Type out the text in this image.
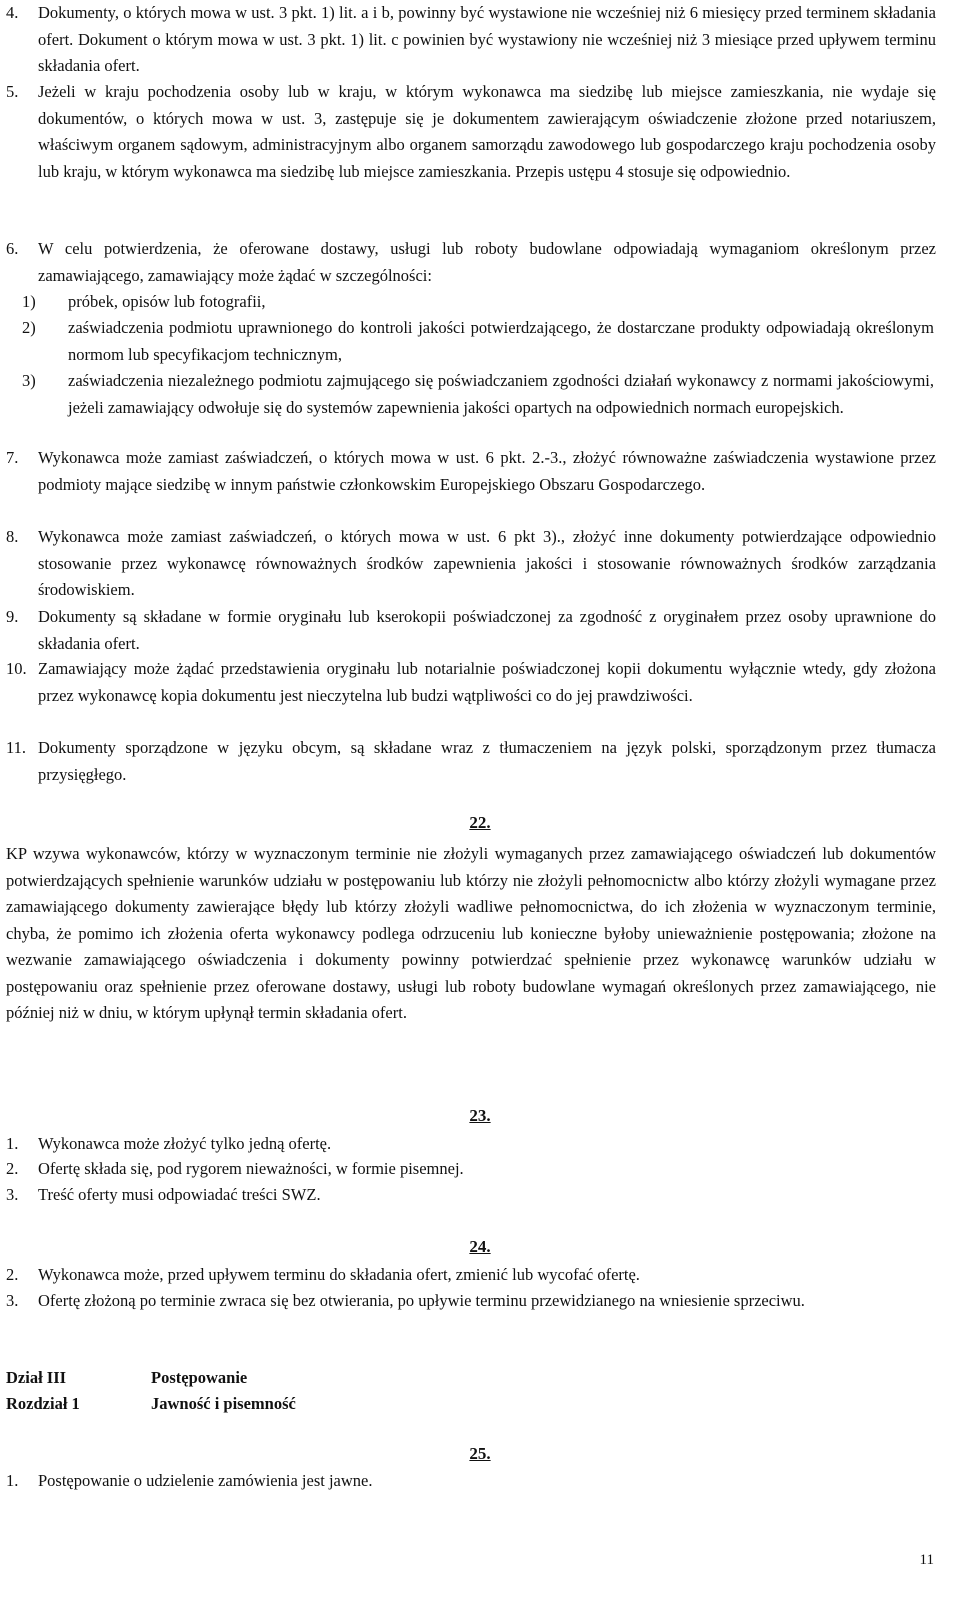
4. Dokumenty, o których mowa w ust. 3 pkt. 1) lit. a i b, powinny być wystawione nie wcześniej niż 6 miesięcy przed terminem składania ofert. Dokument o którym mowa w ust. 3 pkt. 1) lit. c powinien być wystawiony nie wcześniej niż 3 miesiące przed upływem terminu składania ofert.
5. Jeżeli w kraju pochodzenia osoby lub w kraju, w którym wykonawca ma siedzibę lub miejsce zamieszkania, nie wydaje się dokumentów, o których mowa w ust. 3, zastępuje się je dokumentem zawierającym oświadczenie złożone przed notariuszem, właściwym organem sądowym, administracyjnym albo organem samorządu zawodowego lub gospodarczego kraju pochodzenia osoby lub kraju, w którym wykonawca ma siedzibę lub miejsce zamieszkania. Przepis ustępu 4 stosuje się odpowiednio.
6. W celu potwierdzenia, że oferowane dostawy, usługi lub roboty budowlane odpowiadają wymaganiom określonym przez zamawiającego, zamawiający może żądać w szczególności:
1) próbek, opisów lub fotografii,
2) zaświadczenia podmiotu uprawnionego do kontroli jakości potwierdzającego, że dostarczane produkty odpowiadają określonym normom lub specyfikacjom technicznym,
3) zaświadczenia niezależnego podmiotu zajmującego się poświadczaniem zgodności działań wykonawcy z normami jakościowymi, jeżeli zamawiający odwołuje się do systemów zapewnienia jakości opartych na odpowiednich normach europejskich.
7. Wykonawca może zamiast zaświadczeń, o których mowa w ust. 6 pkt. 2.-3., złożyć równoważne zaświadczenia wystawione przez podmioty mające siedzibę w innym państwie członkowskim Europejskiego Obszaru Gospodarczego.
8. Wykonawca może zamiast zaświadczeń, o których mowa w ust. 6 pkt 3)., złożyć inne dokumenty potwierdzające odpowiednio stosowanie przez wykonawcę równoważnych środków zapewnienia jakości i stosowanie równoważnych środków zarządzania środowiskiem.
9. Dokumenty są składane w formie oryginału lub kserokopii poświadczonej za zgodność z oryginałem przez osoby uprawnione do składania ofert.
10. Zamawiający może żądać przedstawienia oryginału lub notarialnie poświadczonej kopii dokumentu wyłącznie wtedy, gdy złożona przez wykonawcę kopia dokumentu jest nieczytelna lub budzi wątpliwości co do jej prawdziwości.
11. Dokumenty sporządzone w języku obcym, są składane wraz z tłumaczeniem na język polski, sporządzonym przez tłumacza przysięgłego.
22.
KP wzywa wykonawców, którzy w wyznaczonym terminie nie złożyli wymaganych przez zamawiającego oświadczeń lub dokumentów potwierdzających spełnienie warunków udziału w postępowaniu lub którzy nie złożyli pełnomocnictw albo którzy złożyli wymagane przez zamawiającego dokumenty zawierające błędy lub którzy złożyli wadliwe pełnomocnictwa, do ich złożenia w wyznaczonym terminie, chyba, że pomimo ich złożenia oferta wykonawcy podlega odrzuceniu lub konieczne byłoby unieważnienie postępowania; złożone na wezwanie zamawiającego oświadczenia i dokumenty powinny potwierdzać spełnienie przez wykonawcę warunków udziału w postępowaniu oraz spełnienie przez oferowane dostawy, usługi lub roboty budowlane wymagań określonych przez zamawiającego, nie później niż w dniu, w którym upłynął termin składania ofert.
23.
1. Wykonawca może złożyć tylko jedną ofertę.
2. Ofertę składa się, pod rygorem nieważności, w formie pisemnej.
3. Treść oferty musi odpowiadać treści SWZ.
24.
2. Wykonawca może, przed upływem terminu do składania ofert, zmienić lub wycofać ofertę.
3. Ofertę złożoną po terminie zwraca się bez otwierania, po upływie terminu przewidzianego na wniesienie sprzeciwu.
Dział III	Postępowanie
Rozdział 1	Jawność i pisemność
25.
1. Postępowanie o udzielenie zamówienia jest jawne.
11
